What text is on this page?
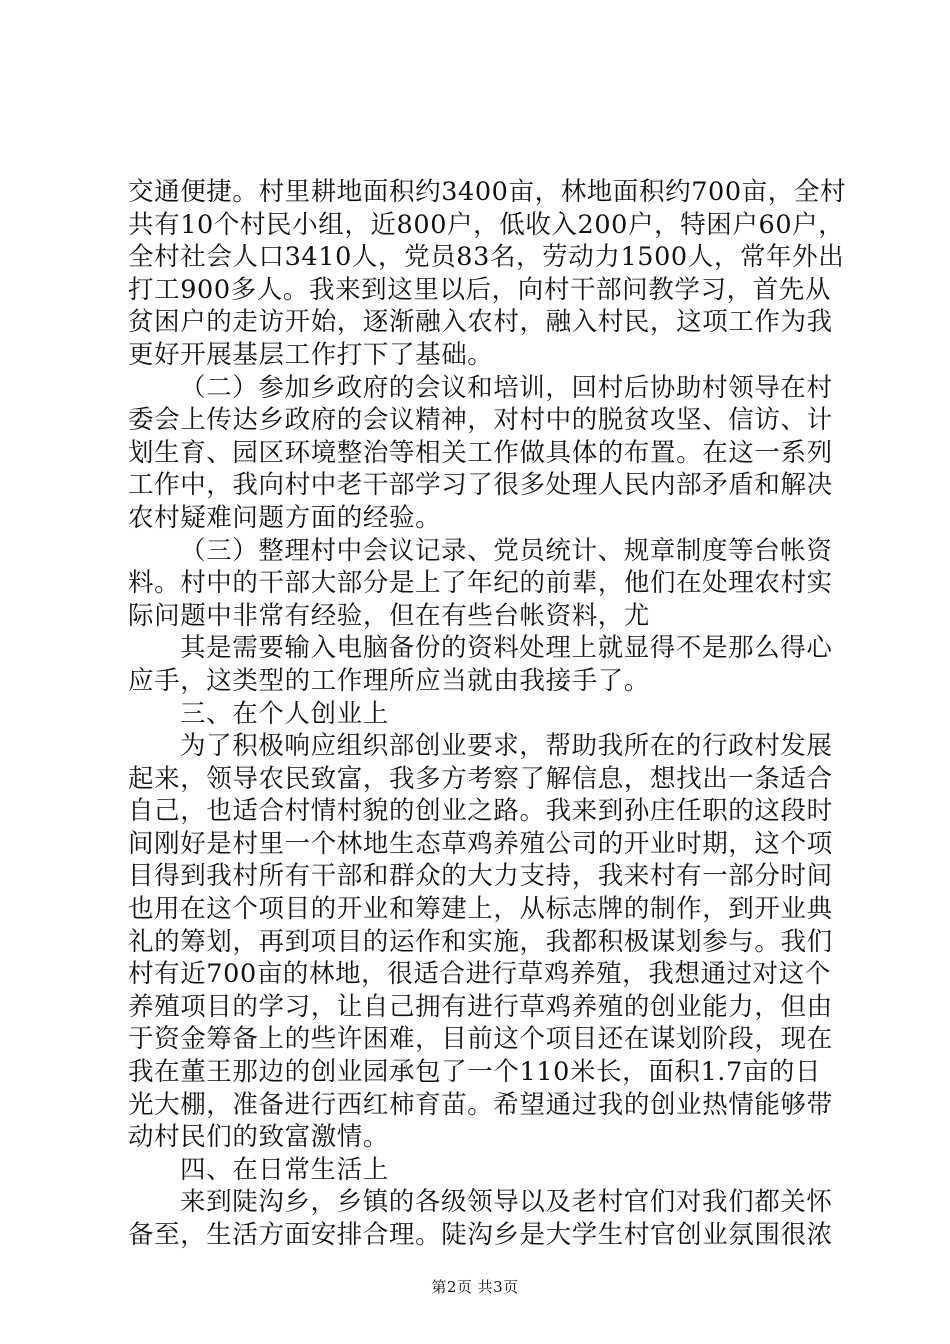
交通便捷。村里耕地面积约3400亩，林地面积约700亩，全村
共有10个村民小组，近800户，低收入200户，特困户60户，
全村社会人口3410人，党员83名，劳动力1500人，常年外出
打工900多人。我来到这里以后，向村干部问教学习，首先从
贫困户的走访开始，逐渐融入农村，融入村民，这项工作为我
更好开展基层工作打下了基础。
（二）参加乡政府的会议和培训，回村后协助村领导在村
委会上传达乡政府的会议精神，对村中的脱贫攻坚、信访、计
划生育、园区环境整治等相关工作做具体的布置。在这一系列
工作中，我向村中老干部学习了很多处理人民内部矛盾和解决
农村疑难问题方面的经验。
（三）整理村中会议记录、党员统计、规章制度等台帐资
料。村中的干部大部分是上了年纪的前辈，他们在处理农村实
际问题中非常有经验，但在有些台帐资料，尤
其是需要输入电脑备份的资料处理上就显得不是那么得心
应手，这类型的工作理所应当就由我接手了。
三、在个人创业上
为了积极响应组织部创业要求，帮助我所在的行政村发展
起来，领导农民致富，我多方考察了解信息，想找出一条适合
自己，也适合村情村貌的创业之路。我来到孙庄任职的这段时
间刚好是村里一个林地生态草鸡养殖公司的开业时期，这个项
目得到我村所有干部和群众的大力支持，我来村有一部分时间
也用在这个项目的开业和筹建上，从标志牌的制作，到开业典
礼的筹划，再到项目的运作和实施，我都积极谋划参与。我们
村有近700亩的林地，很适合进行草鸡养殖，我想通过对这个
养殖项目的学习，让自己拥有进行草鸡养殖的创业能力，但由
于资金筹备上的些许困难，目前这个项目还在谋划阶段，现在
我在董王那边的创业园承包了一个110米长，面积1.7亩的日
光大棚，准备进行西红柿育苗。希望通过我的创业热情能够带
动村民们的致富激情。
四、在日常生活上
来到陡沟乡，乡镇的各级领导以及老村官们对我们都关怀
备至，生活方面安排合理。陡沟乡是大学生村官创业氛围很浓
第2页 共3页
